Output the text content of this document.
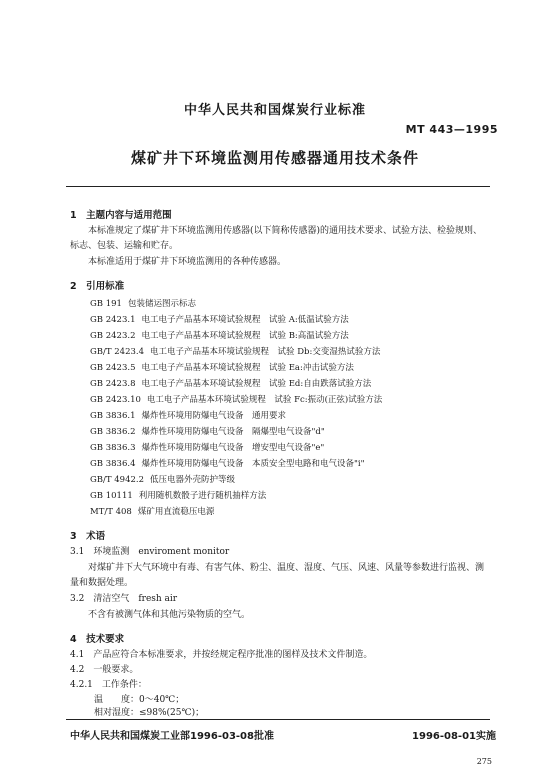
中华人民共和国煤炭行业标准
MT 443—1995
煤矿井下环境监测用传感器通用技术条件
1　主题内容与适用范围
本标准规定了煤矿井下环境监测用传感器(以下简称传感器)的通用技术要求、试验方法、检验规则、标志、包装、运输和贮存。
本标准适用于煤矿井下环境监测用的各种传感器。
2　引用标准
GB 191 包装储运图示标志
GB 2423.1 电工电子产品基本环境试验规程　试验 A:低温试验方法
GB 2423.2 电工电子产品基本环境试验规程　试验 B:高温试验方法
GB/T 2423.4 电工电子产品基本环境试验规程　试验 Db:交变湿热试验方法
GB 2423.5 电工电子产品基本环境试验规程　试验 Ea:冲击试验方法
GB 2423.8 电工电子产品基本环境试验规程　试验 Ed:自由跌落试验方法
GB 2423.10 电工电子产品基本环境试验规程　试验 Fc:振动(正弦)试验方法
GB 3836.1 爆炸性环境用防爆电气设备　通用要求
GB 3836.2 爆炸性环境用防爆电气设备　隔爆型电气设备"d"
GB 3836.3 爆炸性环境用防爆电气设备　增安型电气设备"e"
GB 3836.4 爆炸性环境用防爆电气设备　本质安全型电路和电气设备"i"
GB/T 4942.2 低压电器外壳防护等级
GB 10111 利用随机数骰子进行随机抽样方法
MT/T 408 煤矿用直流稳压电源
3　术语
3.1　环境监测　enviroment monitor
对煤矿井下大气环境中有毒、有害气体、粉尘、温度、湿度、气压、风速、风量等参数进行监视、测量和数据处理。
3.2　清洁空气　fresh air
不含有被测气体和其他污染物质的空气。
4　技术要求
4.1　产品应符合本标准要求，并按经规定程序批准的图样及技术文件制造。
4.2　一般要求。
4.2.1　工作条件：
温　　度：0～40℃；
相对湿度：≤98%(25℃)；
中华人民共和国煤炭工业部1996-03-08批准	1996-08-01实施
275
